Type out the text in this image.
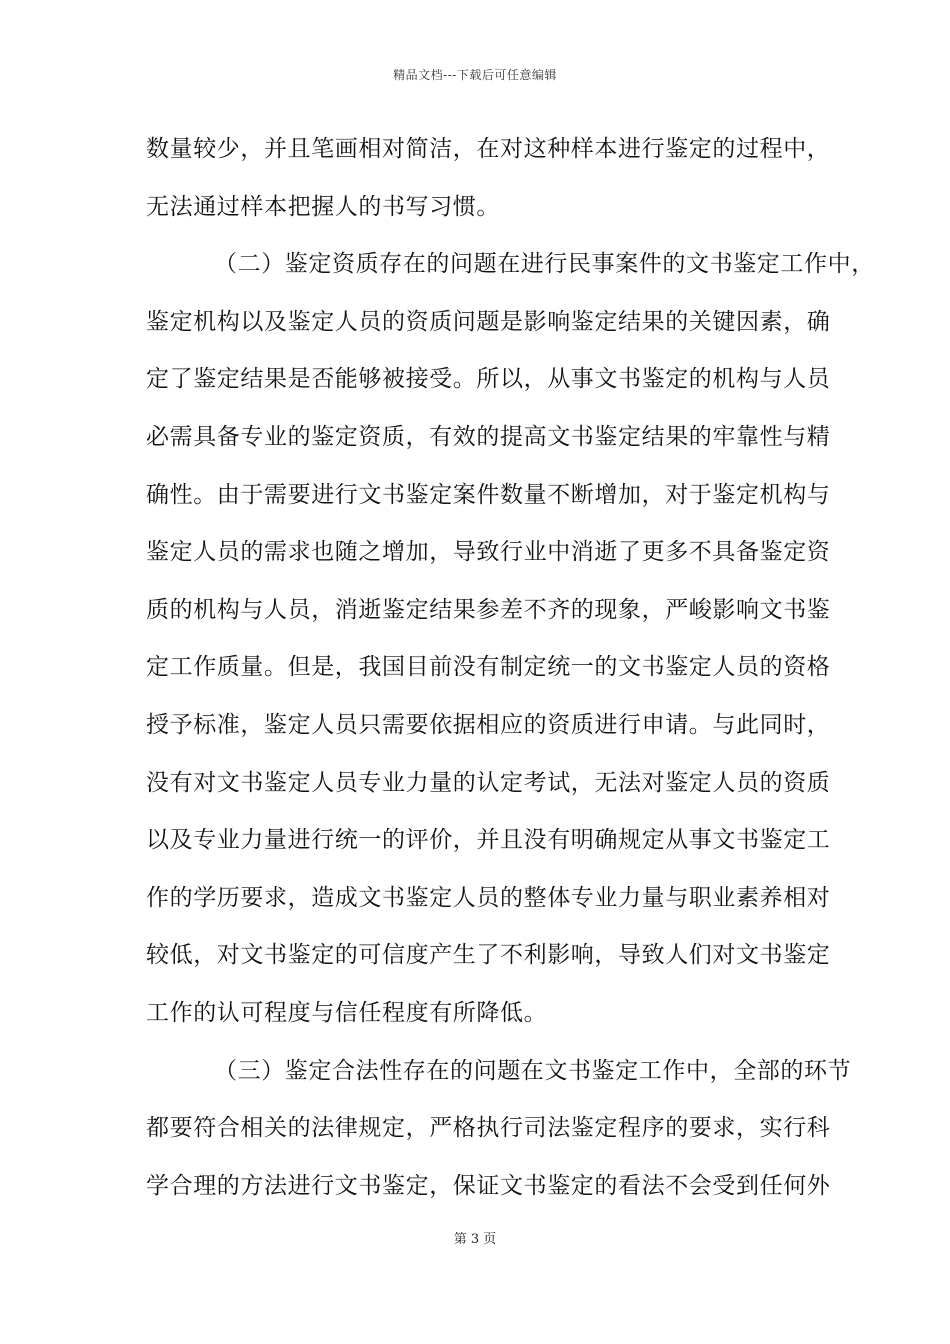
精品文档---下载后可任意编辑
数量较少，并且笔画相对简洁，在对这种样本进行鉴定的过程中，
无法通过样本把握人的书写习惯。
（二）鉴定资质存在的问题在进行民事案件的文书鉴定工作中，
鉴定机构以及鉴定人员的资质问题是影响鉴定结果的关键因素，确
定了鉴定结果是否能够被接受。所以，从事文书鉴定的机构与人员
必需具备专业的鉴定资质，有效的提高文书鉴定结果的牢靠性与精
确性。由于需要进行文书鉴定案件数量不断增加，对于鉴定机构与
鉴定人员的需求也随之增加，导致行业中消逝了更多不具备鉴定资
质的机构与人员，消逝鉴定结果参差不齐的现象，严峻影响文书鉴
定工作质量。但是，我国目前没有制定统一的文书鉴定人员的资格
授予标准，鉴定人员只需要依据相应的资质进行申请。与此同时，
没有对文书鉴定人员专业力量的认定考试，无法对鉴定人员的资质
以及专业力量进行统一的评价，并且没有明确规定从事文书鉴定工
作的学历要求，造成文书鉴定人员的整体专业力量与职业素养相对
较低，对文书鉴定的可信度产生了不利影响，导致人们对文书鉴定
工作的认可程度与信任程度有所降低。
（三）鉴定合法性存在的问题在文书鉴定工作中，全部的环节
都要符合相关的法律规定，严格执行司法鉴定程序的要求，实行科
学合理的方法进行文书鉴定，保证文书鉴定的看法不会受到任何外
第 3 页
